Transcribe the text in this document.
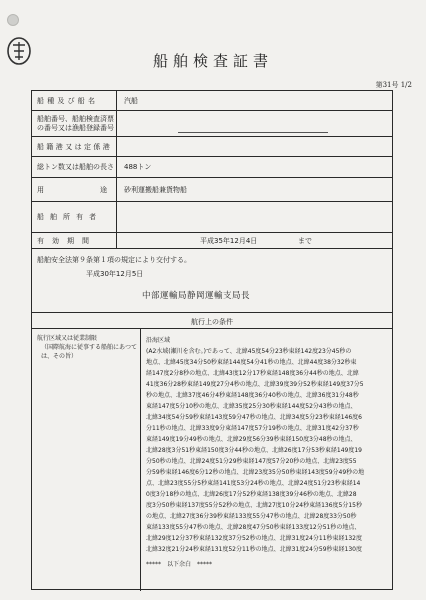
船舶検査証書
第31号 1/2
船種及び船名	汽船
船舶番号、船舶検査済票
の番号又は漁船登録番号
船籍港又は定係港
総トン数又は船舶の長さ 488トン
用	途 砂利運搬船兼貨物船
船舶所有者
有効期間	平成35年12月4日	まで
船舶安全法第９条第１項の規定により交付する。
平成30年12月5日
中部運輸局静岡運輸支局長
航行上の条件
航行区域又は従業制限
（国際航海に従事する船舶にあつては、その旨）

沿海区域

(A2水域(瀬川を含む。)であって、北緯45度54分23秒東経142度23分45秒の

地点、北緯45度34分50秒東経144度54分41秒の地点、北緯44度38分32秒東

経147度2分8秒の地点、北緯43度12分17秒東経148度36分44秒の地点、北緯

41度36分28秒東経149度27分4秒の地点、北緯39度39分52秒東経149度37分5

秒の地点、北緯37度46分4秒東経148度36分40秒の地点、北緯36度31分48秒

東経147度5分10秒の地点、北緯35度25分30秒東経144度52分43秒の地点、

北緯34度54分59秒東経143度59分47秒の地点、北緯34度5分23秒東経146度6

分11秒の地点、北緯33度9分東経147度57分19秒の地点、北緯31度42分37秒

東経149度19分49秒の地点、北緯29度56分39秒東経150度3分48秒の地点、

北緯28度3分51秒東経150度3分44秒の地点、北緯26度17分53秒東経149度19

分50秒の地点、北緯24度51分29秒東経147度57分20秒の地点、北緯23度55

分59秒東経146度6分12秒の地点、北緯23度35分50秒東経143度59分49秒の地

点、北緯23度55分5秒東経141度53分24秒の地点、北緯24度51分23秒東経14

0度3分18秒の地点、北緯26度17分52秒東経138度39分46秒の地点、北緯28

度3分50秒東経137度55分52秒の地点、北緯27度10分24秒東経136度5分15秒

の地点、北緯27度36分39秒東経133度55分47秒の地点、北緯28度33分50秒

東経133度55分47秒の地点、北緯28度47分50秒東経133度12分51秒の地点、

北緯29度12分37秒東経132度37分52秒の地点、北緯31度24分11秒東経132度

北緯32度21分24秒東経131度52分11秒の地点、北緯31度24分59秒東経130度

*****　以下余白　*****
